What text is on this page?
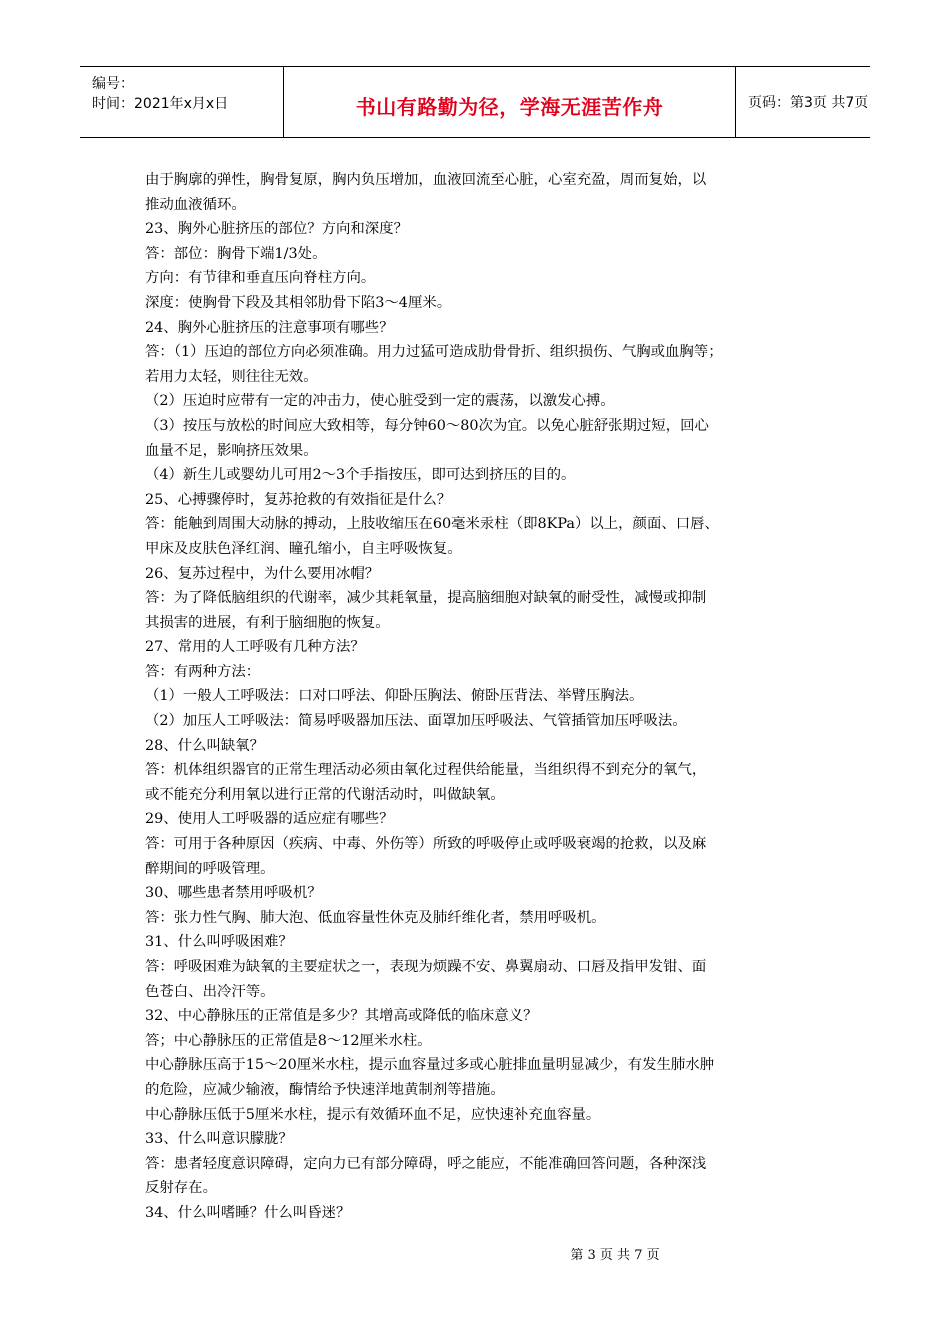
编号：
时间：2021年x月x日	书山有路勤为径，学海无涯苦作舟	页码：第3页 共7页
由于胸廓的弹性，胸骨复原，胸内负压增加，血液回流至心脏，心室充盈，周而复始，以
推动血液循环。
23、胸外心脏挤压的部位？方向和深度？
答：部位：胸骨下端1/3处。
方向：有节律和垂直压向脊柱方向。
深度：使胸骨下段及其相邻肋骨下陷3～4厘米。
24、胸外心脏挤压的注意事项有哪些？
答：（1）压迫的部位方向必须准确。用力过猛可造成肋骨骨折、组织损伤、气胸或血胸等；
若用力太轻，则往往无效。
（2）压迫时应带有一定的冲击力，使心脏受到一定的震荡，以激发心搏。
（3）按压与放松的时间应大致相等，每分钟60～80次为宜。以免心脏舒张期过短，回心
血量不足，影响挤压效果。
（4）新生儿或婴幼儿可用2～3个手指按压，即可达到挤压的目的。
25、心搏骤停时，复苏抢救的有效指征是什么？
答：能触到周围大动脉的搏动，上肢收缩压在60毫米汞柱（即8KPa）以上，颜面、口唇、
甲床及皮肤色泽红润、瞳孔缩小，自主呼吸恢复。
26、复苏过程中，为什么要用冰帽？
答：为了降低脑组织的代谢率，减少其耗氧量，提高脑细胞对缺氧的耐受性，减慢或抑制
其损害的进展，有利于脑细胞的恢复。
27、常用的人工呼吸有几种方法？
答：有两种方法：
（1）一般人工呼吸法：口对口呼法、仰卧压胸法、俯卧压背法、举臂压胸法。
（2）加压人工呼吸法：简易呼吸器加压法、面罩加压呼吸法、气管插管加压呼吸法。
28、什么叫缺氧？
答：机体组织器官的正常生理活动必须由氧化过程供给能量，当组织得不到充分的氧气，
或不能充分利用氧以进行正常的代谢活动时，叫做缺氧。
29、使用人工呼吸器的适应症有哪些？
答：可用于各种原因（疾病、中毒、外伤等）所致的呼吸停止或呼吸衰竭的抢救，以及麻
醉期间的呼吸管理。
30、哪些患者禁用呼吸机？
答：张力性气胸、肺大泡、低血容量性休克及肺纤维化者，禁用呼吸机。
31、什么叫呼吸困难？
答：呼吸困难为缺氧的主要症状之一，表现为烦躁不安、鼻翼扇动、口唇及指甲发钳、面
色苍白、出冷汗等。
32、中心静脉压的正常值是多少？其增高或降低的临床意义？
答；中心静脉压的正常值是8～12厘米水柱。
中心静脉压高于15～20厘米水柱，提示血容量过多或心脏排血量明显减少，有发生肺水肿
的危险，应减少输液，酶情给予快速洋地黄制剂等措施。
中心静脉压低于5厘米水柱，提示有效循环血不足，应快速补充血容量。
33、什么叫意识朦胧？
答：患者轻度意识障碍，定向力已有部分障碍，呼之能应，不能准确回答问题，各种深浅
反射存在。
34、什么叫嗜睡？什么叫昏迷？
第 3 页 共 7 页
